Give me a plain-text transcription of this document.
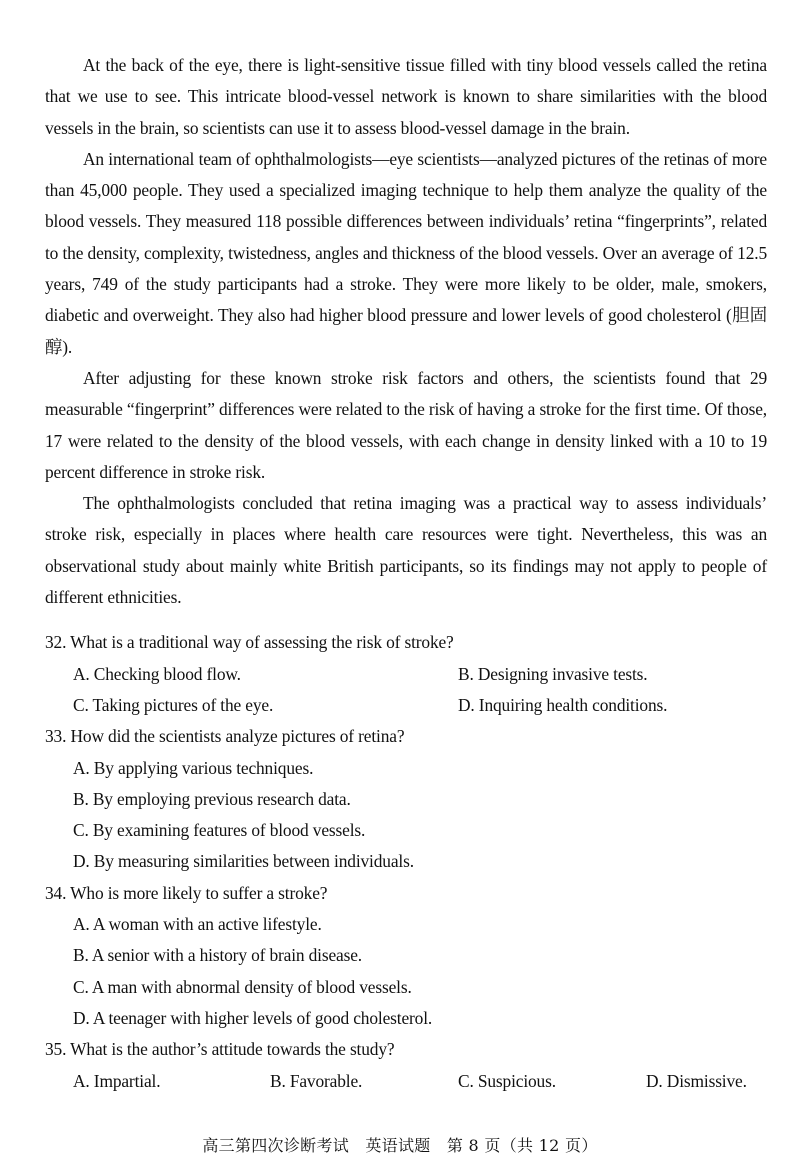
At the back of the eye, there is light-sensitive tissue filled with tiny blood vessels called the retina that we use to see. This intricate blood-vessel network is known to share similarities with the blood vessels in the brain, so scientists can use it to assess blood-vessel damage in the brain.

An international team of ophthalmologists—eye scientists—analyzed pictures of the retinas of more than 45,000 people. They used a specialized imaging technique to help them analyze the quality of the blood vessels. They measured 118 possible differences between individuals’ retina “fingerprints”, related to the density, complexity, twistedness, angles and thickness of the blood vessels. Over an average of 12.5 years, 749 of the study participants had a stroke. They were more likely to be older, male, smokers, diabetic and overweight. They also had higher blood pressure and lower levels of good cholesterol (胆固醇).

After adjusting for these known stroke risk factors and others, the scientists found that 29 measurable “fingerprint” differences were related to the risk of having a stroke for the first time. Of those, 17 were related to the density of the blood vessels, with each change in density linked with a 10 to 19 percent difference in stroke risk.

The ophthalmologists concluded that retina imaging was a practical way to assess individuals’ stroke risk, especially in places where health care resources were tight. Nevertheless, this was an observational study about mainly white British participants, so its findings may not apply to people of different ethnicities.

32. What is a traditional way of assessing the risk of stroke?
A. Checking blood flow.	B. Designing invasive tests.
C. Taking pictures of the eye.	D. Inquiring health conditions.
33. How did the scientists analyze pictures of retina?
A. By applying various techniques.
B. By employing previous research data.
C. By examining features of blood vessels.
D. By measuring similarities between individuals.
34. Who is more likely to suffer a stroke?
A. A woman with an active lifestyle.
B. A senior with a history of brain disease.
C. A man with abnormal density of blood vessels.
D. A teenager with higher levels of good cholesterol.
35. What is the author’s attitude towards the study?
A. Impartial.	B. Favorable.	C. Suspicious.	D. Dismissive.
高三第四次诊断考试　英语试题　第 8 页（共 12 页）
